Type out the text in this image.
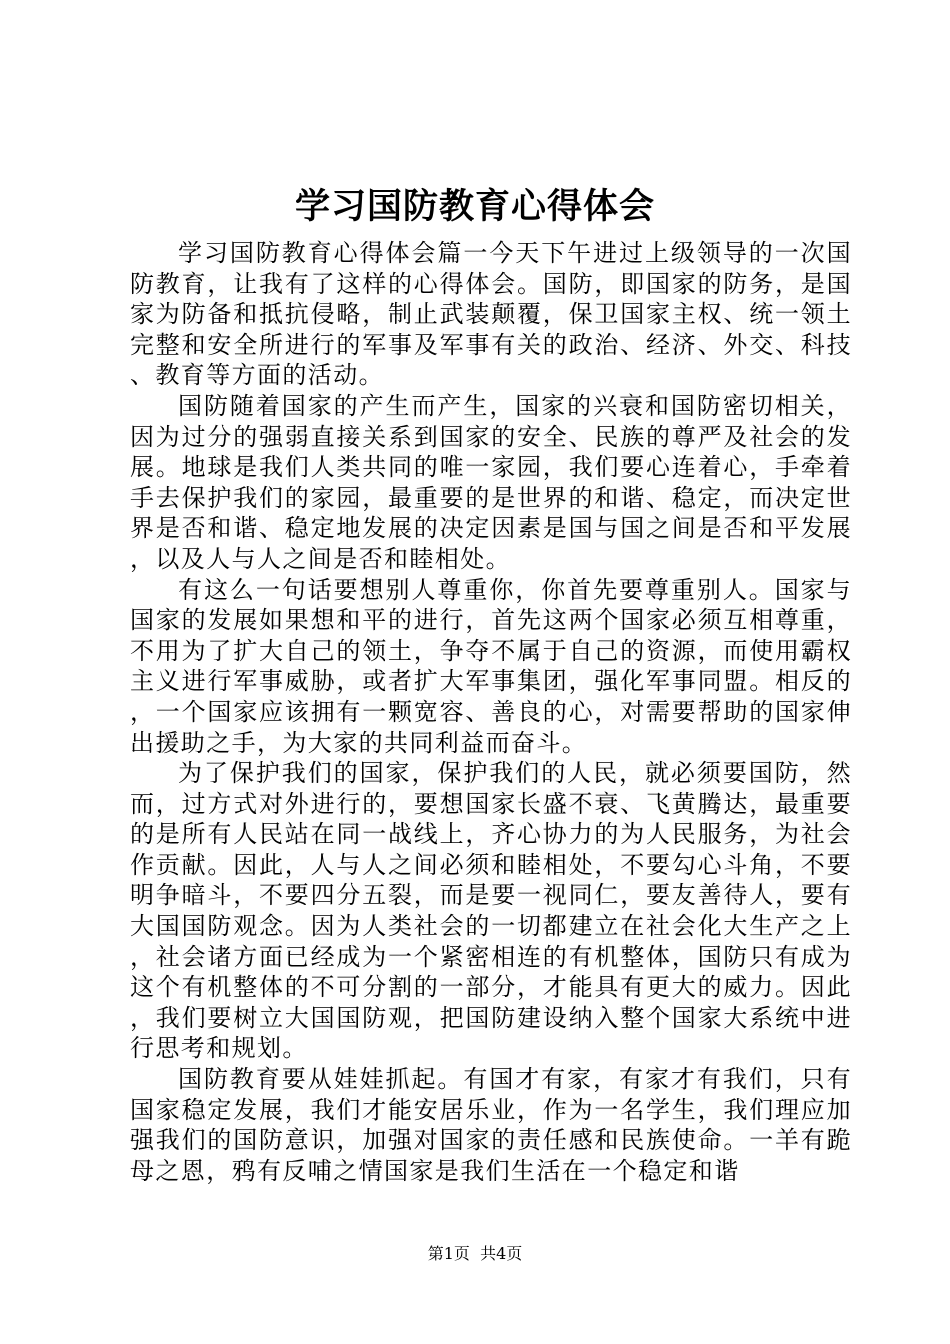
学习国防教育心得体会

学习国防教育心得体会篇一今天下午进过上级领导的一次国防教育，让我有了这样的心得体会。国防，即国家的防务，是国家为防备和抵抗侵略，制止武装颠覆，保卫国家主权、统一领土完整和安全所进行的军事及军事有关的政治、经济、外交、科技、教育等方面的活动。

国防随着国家的产生而产生，国家的兴衰和国防密切相关，因为过分的强弱直接关系到国家的安全、民族的尊严及社会的发展。地球是我们人类共同的唯一家园，我们要心连着心，手牵着手去保护我们的家园，最重要的是世界的和谐、稳定，而决定世界是否和谐、稳定地发展的决定因素是国与国之间是否和平发展，以及人与人之间是否和睦相处。

有这么一句话要想别人尊重你，你首先要尊重别人。国家与国家的发展如果想和平的进行，首先这两个国家必须互相尊重，不用为了扩大自己的领土，争夺不属于自己的资源，而使用霸权主义进行军事威胁，或者扩大军事集团，强化军事同盟。相反的，一个国家应该拥有一颗宽容、善良的心，对需要帮助的国家伸出援助之手，为大家的共同利益而奋斗。

为了保护我们的国家，保护我们的人民，就必须要国防，然而，过方式对外进行的，要想国家长盛不衰、飞黄腾达，最重要的是所有人民站在同一战线上，齐心协力的为人民服务，为社会作贡献。因此，人与人之间必须和睦相处，不要勾心斗角，不要明争暗斗，不要四分五裂，而是要一视同仁，要友善待人，要有大国国防观念。因为人类社会的一切都建立在社会化大生产之上，社会诸方面已经成为一个紧密相连的有机整体，国防只有成为这个有机整体的不可分割的一部分，才能具有更大的威力。因此，我们要树立大国国防观，把国防建设纳入整个国家大系统中进行思考和规划。

国防教育要从娃娃抓起。有国才有家，有家才有我们，只有国家稳定发展，我们才能安居乐业，作为一名学生，我们理应加强我们的国防意识，加强对国家的责任感和民族使命。一羊有跪母之恩，鸦有反哺之情国家是我们生活在一个稳定和谐

第1页 共4页
